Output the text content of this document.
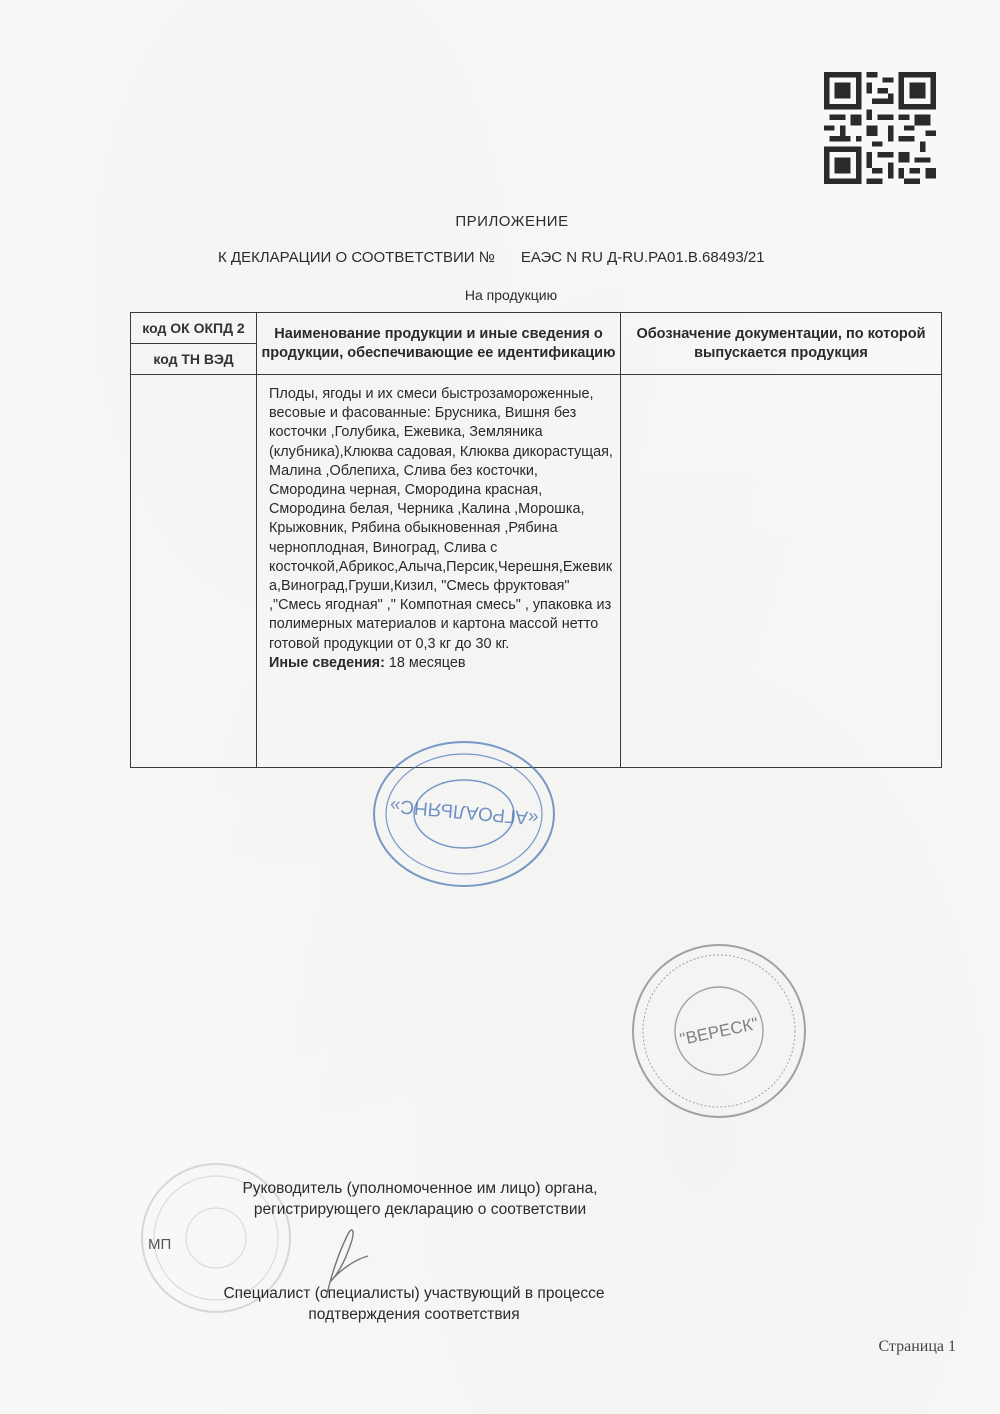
ПРИЛОЖЕНИЕ
К ДЕКЛАРАЦИИ О СООТВЕТСТВИИ № ЕАЭС N RU Д-RU.PA01.B.68493/21
На продукцию
код ОК ОКПД 2	Наименование продукции и иные сведения о продукции, обеспечивающие ее идентификацию	Обозначение документации, по которой выпускается продукция
код ТН ВЭД		

	Плоды, ягоды и их смеси быстрозамороженные, весовые и фасованные: Брусника, Вишня без косточки ,Голубика, Ежевика, Земляника (клубника),Клюква садовая, Клюква дикорастущая, Малина ,Облепиха, Слива без косточки, Смородина черная, Смородина красная, Смородина белая, Черника ,Калина ,Морошка, Крыжовник, Рябина обыкновенная ,Рябина черноплодная, Виноград, Слива с косточкой,Абрикос,Алыча,Персик,Черешня,Ежевика,Виноград,Груши,Кизил, "Смесь фруктовая" ,"Смесь ягодная" ," Компотная смесь" , упаковка из полимерных материалов и картона массой нетто готовой продукции от 0,3 кг до 30 кг.
Иные сведения: 18 месяцев	

«АГРОАЛЬЯНС»
"ВЕРЕСК"
Руководитель (уполномоченное им лицо) органа, регистрирующего декларацию о соответствии
МП
Специалист (специалисты) участвующий в процессе подтверждения соответствия
Страница 1
